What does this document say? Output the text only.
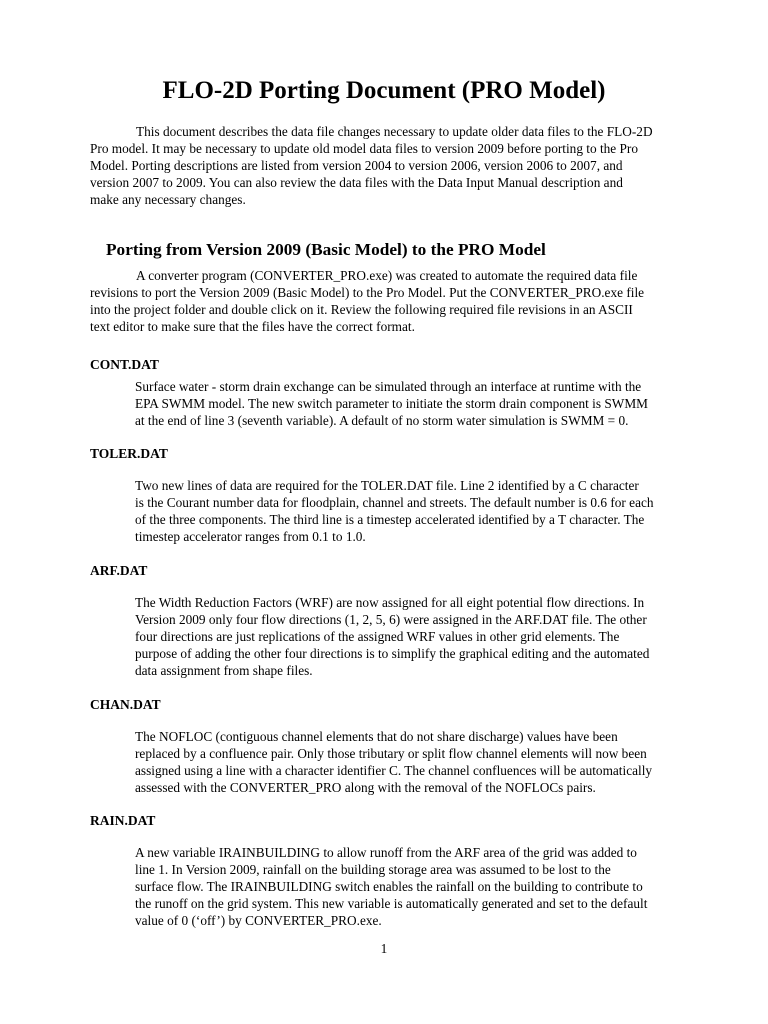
FLO-2D Porting Document (PRO Model)

This document describes the data file changes necessary to update older data files to the FLO-2D
Pro model. It may be necessary to update old model data files to version 2009 before porting to the Pro
Model. Porting descriptions are listed from version 2004 to version 2006, version 2006 to 2007, and
version 2007 to 2009. You can also review the data files with the Data Input Manual description and
make any necessary changes.

Porting from Version 2009 (Basic Model) to the PRO Model

A converter program (CONVERTER_PRO.exe) was created to automate the required data file
revisions to port the Version 2009 (Basic Model) to the Pro Model. Put the CONVERTER_PRO.exe file
into the project folder and double click on it. Review the following required file revisions in an ASCII
text editor to make sure that the files have the correct format.

CONT.DAT

Surface water - storm drain exchange can be simulated through an interface at runtime with the
EPA SWMM model. The new switch parameter to initiate the storm drain component is SWMM
at the end of line 3 (seventh variable). A default of no storm water simulation is SWMM = 0.

TOLER.DAT

Two new lines of data are required for the TOLER.DAT file. Line 2 identified by a C character
is the Courant number data for floodplain, channel and streets. The default number is 0.6 for each
of the three components. The third line is a timestep accelerated identified by a T character. The
timestep accelerator ranges from 0.1 to 1.0.

ARF.DAT

The Width Reduction Factors (WRF) are now assigned for all eight potential flow directions. In
Version 2009 only four flow directions (1, 2, 5, 6) were assigned in the ARF.DAT file. The other
four directions are just replications of the assigned WRF values in other grid elements. The
purpose of adding the other four directions is to simplify the graphical editing and the automated
data assignment from shape files.

CHAN.DAT

The NOFLOC (contiguous channel elements that do not share discharge) values have been
replaced by a confluence pair. Only those tributary or split flow channel elements will now been
assigned using a line with a character identifier C. The channel confluences will be automatically
assessed with the CONVERTER_PRO along with the removal of the NOFLOCs pairs.

RAIN.DAT

A new variable IRAINBUILDING to allow runoff from the ARF area of the grid was added to
line 1. In Version 2009, rainfall on the building storage area was assumed to be lost to the
surface flow. The IRAINBUILDING switch enables the rainfall on the building to contribute to
the runoff on the grid system. This new variable is automatically generated and set to the default
value of 0 (‘off’) by CONVERTER_PRO.exe.

1
